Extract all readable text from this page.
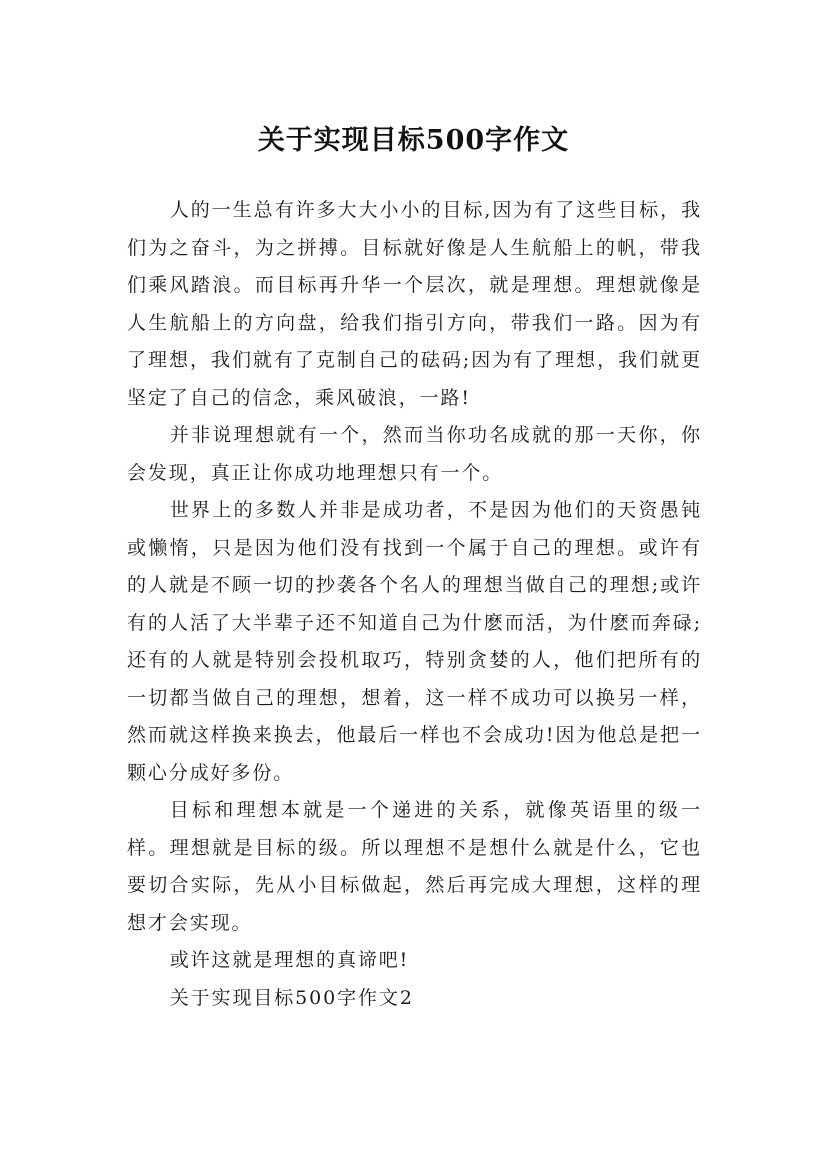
关于实现目标500字作文

人的一生总有许多大大小小的目标,因为有了这些目标，我们为之奋斗，为之拼搏。目标就好像是人生航船上的帆，带我们乘风踏浪。而目标再升华一个层次，就是理想。理想就像是人生航船上的方向盘，给我们指引方向，带我们一路。因为有了理想，我们就有了克制自己的砝码;因为有了理想，我们就更坚定了自己的信念，乘风破浪，一路!

并非说理想就有一个，然而当你功名成就的那一天你，你会发现，真正让你成功地理想只有一个。

世界上的多数人并非是成功者，不是因为他们的天资愚钝或懒惰，只是因为他们没有找到一个属于自己的理想。或许有的人就是不顾一切的抄袭各个名人的理想当做自己的理想;或许有的人活了大半辈子还不知道自己为什麽而活，为什麽而奔碌;还有的人就是特别会投机取巧，特别贪婪的人，他们把所有的一切都当做自己的理想，想着，这一样不成功可以换另一样，然而就这样换来换去，他最后一样也不会成功!因为他总是把一颗心分成好多份。

目标和理想本就是一个递进的关系，就像英语里的级一样。理想就是目标的级。所以理想不是想什么就是什么，它也要切合实际，先从小目标做起，然后再完成大理想，这样的理想才会实现。

或许这就是理想的真谛吧!

关于实现目标500字作文2
